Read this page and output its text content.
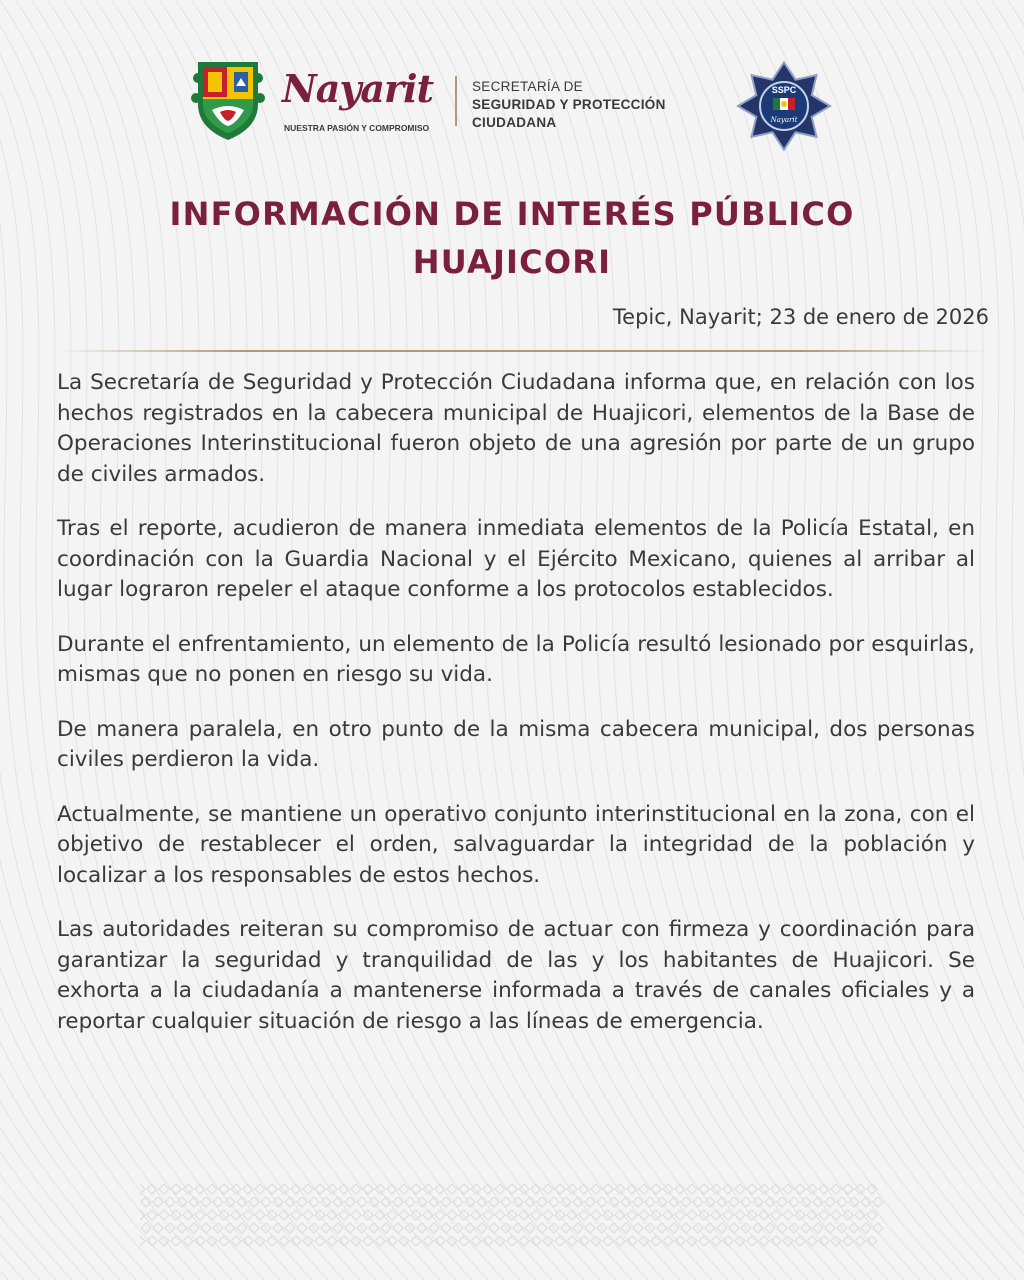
Nayarit
NUESTRA PASIÓN Y COMPROMISO
SECRETARÍA DE
SEGURIDAD Y PROTECCIÓN
CIUDADANA
SSPC
Nayarit
INFORMACIÓN DE INTERÉS PÚBLICO
HUAJICORI
Tepic, Nayarit; 23 de enero de 2026

La Secretaría de Seguridad y Protección Ciudadana informa que, en relación con los hechos registrados en la cabecera municipal de Huajicori, elementos de la Base de Operaciones Interinstitucional fueron objeto de una agresión por parte de un grupo de civiles armados.

Tras el reporte, acudieron de manera inmediata elementos de la Policía Estatal, en coordinación con la Guardia Nacional y el Ejército Mexicano, quienes al arribar al lugar lograron repeler el ataque conforme a los protocolos establecidos.

Durante el enfrentamiento, un elemento de la Policía resultó lesionado por esquirlas, mismas que no ponen en riesgo su vida.

De manera paralela, en otro punto de la misma cabecera municipal, dos personas civiles perdieron la vida.

Actualmente, se mantiene un operativo conjunto interinstitucional en la zona, con el objetivo de restablecer el orden, salvaguardar la integridad de la población y localizar a los responsables de estos hechos.

Las autoridades reiteran su compromiso de actuar con firmeza y coordinación para garantizar la seguridad y tranquilidad de las y los habitantes de Huajicori. Se exhorta a la ciudadanía a mantenerse informada a través de canales oficiales y a reportar cualquier situación de riesgo a las líneas de emergencia.
